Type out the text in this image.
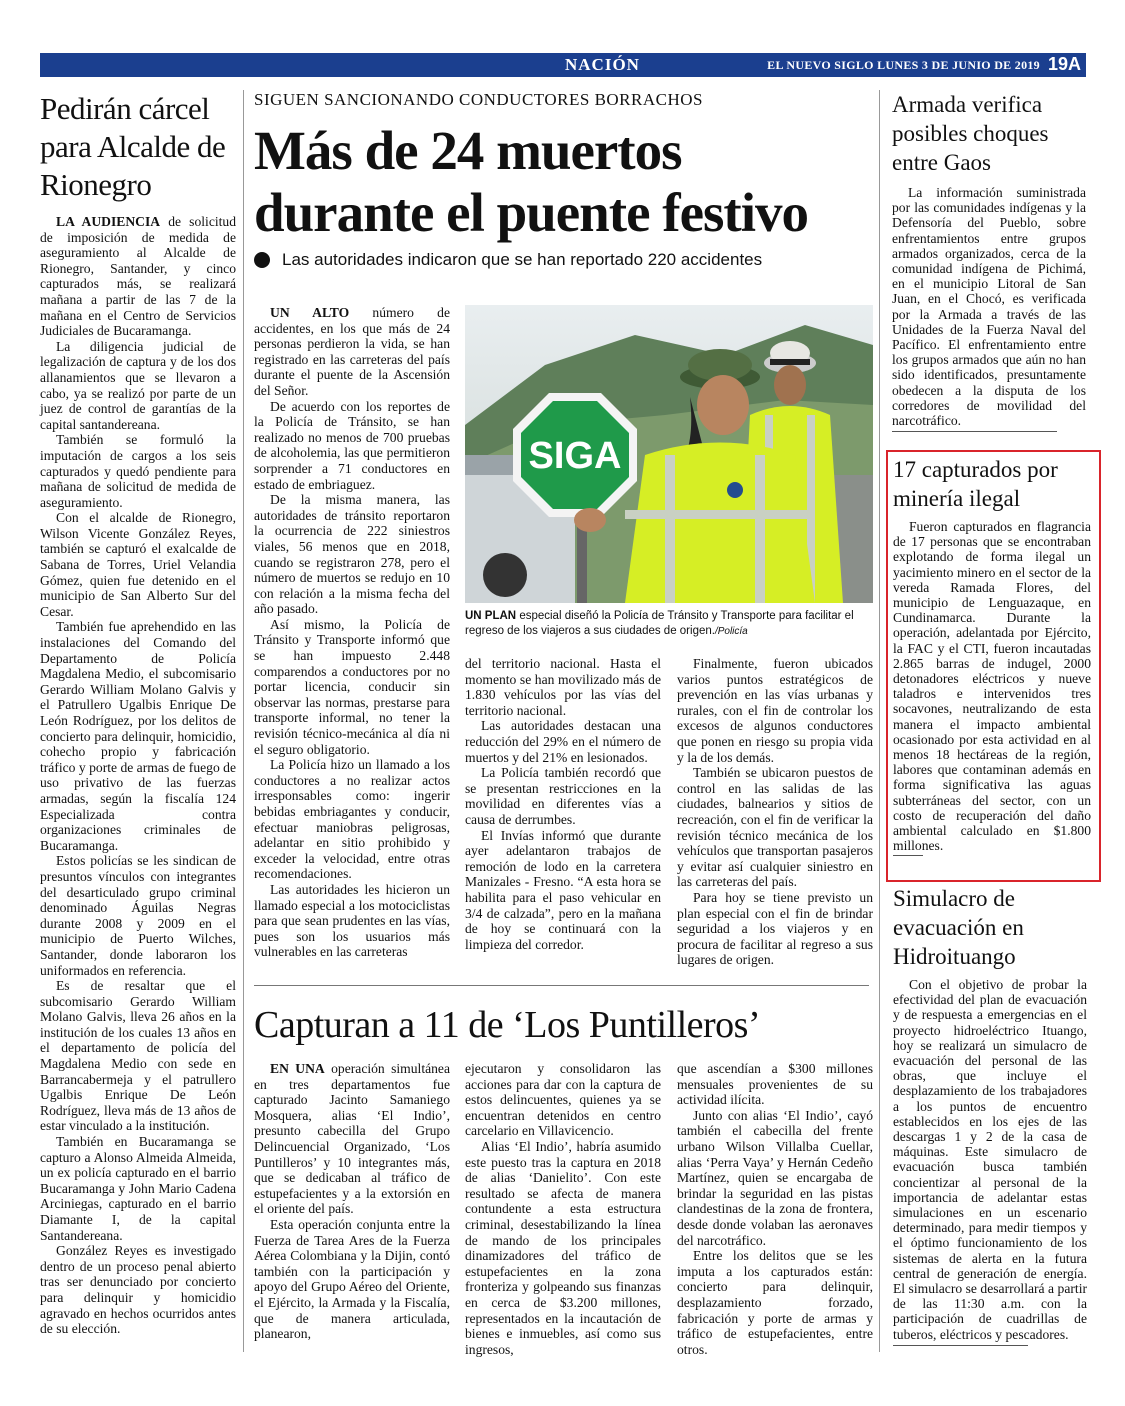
NACIÓN	EL NUEVO SIGLO LUNES 3 DE JUNIO DE 2019 19A
Pedirán cárcel para Alcalde de Rionegro

LA AUDIENCIA de solicitud de imposición de medida de aseguramiento al Alcalde de Rionegro, Santander, y cinco capturados más, se realizará mañana a partir de las 7 de la mañana en el Centro de Servicios Judiciales de Bucaramanga.

La diligencia judicial de legalización de captura y de los dos allanamientos que se llevaron a cabo, ya se realizó por parte de un juez de control de garantías de la capital santandereana.

También se formuló la imputación de cargos a los seis capturados y quedó pendiente para mañana de solicitud de medida de aseguramiento.

Con el alcalde de Rionegro, Wilson Vicente González Reyes, también se capturó el exalcalde de Sabana de Torres, Uriel Velandia Gómez, quien fue detenido en el municipio de San Alberto Sur del Cesar.

También fue aprehendido en las instalaciones del Comando del Departamento de Policía Magdalena Medio, el subcomisario Gerardo William Molano Galvis y el Patrullero Ugalbis Enrique De León Rodríguez, por los delitos de concierto para delinquir, homicidio, cohecho propio y fabricación tráfico y porte de armas de fuego de uso privativo de las fuerzas armadas, según la fiscalía 124 Especializada contra organizaciones criminales de Bucaramanga.

Estos policías se les sindican de presuntos vínculos con integrantes del desarticulado grupo criminal denominado Águilas Negras durante 2008 y 2009 en el municipio de Puerto Wilches, Santander, donde laboraron los uniformados en referencia.

Es de resaltar que el subcomisario Gerardo William Molano Galvis, lleva 26 años en la institución de los cuales 13 años en el departamento de policía del Magdalena Medio con sede en Barrancabermeja y el patrullero Ugalbis Enrique De León Rodríguez, lleva más de 13 años de estar vinculado a la institución.

También en Bucaramanga se capturo a Alonso Almeida Almeida, un ex policía capturado en el barrio Bucaramanga y John Mario Cadena Arciniegas, capturado en el barrio Diamante I, de la capital Santandereana.

González Reyes es investigado dentro de un proceso penal abierto tras ser denunciado por concierto para delinquir y homicidio agravado en hechos ocurridos antes de su elección.

SIGUEN SANCIONANDO CONDUCTORES BORRACHOS
Más de 24 muertos durante el puente festivo
Las autoridades indicaron que se han reportado 220 accidentes

UN ALTO número de accidentes, en los que más de 24 personas perdieron la vida, se han registrado en las carreteras del país durante el puente de la Ascensión del Señor.

De acuerdo con los reportes de la Policía de Tránsito, se han realizado no menos de 700 pruebas de alcoholemia, las que permitieron sorprender a 71 conductores en estado de embriaguez.

De la misma manera, las autoridades de tránsito reportaron la ocurrencia de 222 siniestros viales, 56 menos que en 2018, cuando se registraron 278, pero el número de muertos se redujo en 10 con relación a la misma fecha del año pasado.

Así mismo, la Policía de Tránsito y Transporte informó que se han impuesto 2.448 comparendos a conductores por no portar licencia, conducir sin observar las normas, prestarse para transporte informal, no tener la revisión técnico-mecánica al día ni el seguro obligatorio.

La Policía hizo un llamado a los conductores a no realizar actos irresponsables como: ingerir bebidas embriagantes y conducir, efectuar maniobras peligrosas, adelantar en sitio prohibido y exceder la velocidad, entre otras recomendaciones.

Las autoridades les hicieron un llamado especial a los motociclistas para que sean prudentes en las vías, pues son los usuarios más vulnerables en las carreteras

SIGA
UN PLAN especial diseñó la Policía de Tránsito y Transporte para facilitar el regreso de los viajeros a sus ciudades de origen./Policía

del territorio nacional. Hasta el momento se han movilizado más de 1.830 vehículos por las vías del territorio nacional.

Las autoridades destacan una reducción del 29% en el número de muertos y del 21% en lesionados.

La Policía también recordó que se presentan restricciones en la movilidad en diferentes vías a causa de derrumbes.

El Invías informó que durante ayer adelantaron trabajos de remoción de lodo en la carretera Manizales - Fresno. “A esta hora se habilita para el paso vehicular en 3/4 de calzada”, pero en la mañana de hoy se continuará con la limpieza del corredor.

Finalmente, fueron ubicados varios puntos estratégicos de prevención en las vías urbanas y rurales, con el fin de controlar los excesos de algunos conductores que ponen en riesgo su propia vida y la de los demás.

También se ubicaron puestos de control en las salidas de las ciudades, balnearios y sitios de recreación, con el fin de verificar la revisión técnico mecánica de los vehículos que transportan pasajeros y evitar así cualquier siniestro en las carreteras del país.

Para hoy se tiene previsto un plan especial con el fin de brindar seguridad a los viajeros y en procura de facilitar al regreso a sus lugares de origen.

Capturan a 11 de ‘Los Puntilleros’

EN UNA operación simultánea en tres departamentos fue capturado Jacinto Samaniego Mosquera, alias ‘El Indio’, presunto cabecilla del Grupo Delincuencial Organizado, ‘Los Puntilleros’ y 10 integrantes más, que se dedicaban al tráfico de estupefacientes y a la extorsión en el oriente del país.

Esta operación conjunta entre la Fuerza de Tarea Ares de la Fuerza Aérea Colombiana y la Dijin, contó también con la participación y apoyo del Grupo Aéreo del Oriente, el Ejército, la Armada y la Fiscalía, que de manera articulada, planearon,

ejecutaron y consolidaron las acciones para dar con la captura de estos delincuentes, quienes ya se encuentran detenidos en centro carcelario en Villavicencio.

Alias ‘El Indio’, habría asumido este puesto tras la captura en 2018 de alias ‘Danielito’. Con este resultado se afecta de manera contundente a esta estructura criminal, desestabilizando la línea de mando de los principales dinamizadores del tráfico de estupefacientes en la zona fronteriza y golpeando sus finanzas en cerca de $3.200 millones, representados en la incautación de bienes e inmuebles, así como sus ingresos,

que ascendían a $300 millones mensuales provenientes de su actividad ilícita.

Junto con alias ‘El Indio’, cayó también el cabecilla del frente urbano Wilson Villalba Cuellar, alias ‘Perra Vaya’ y Hernán Cedeño Martínez, quien se encargaba de brindar la seguridad en las pistas clandestinas de la zona de frontera, desde donde volaban las aeronaves del narcotráfico.

Entre los delitos que se les imputa a los capturados están: concierto para delinquir, desplazamiento forzado, fabricación y porte de armas y tráfico de estupefacientes, entre otros.

Armada verifica posibles choques entre Gaos

La información suministrada por las comunidades indígenas y la Defensoría del Pueblo, sobre enfrentamientos entre grupos armados organizados, cerca de la comunidad indígena de Pichimá, en el municipio Litoral de San Juan, en el Chocó, es verificada por la Armada a través de las Unidades de la Fuerza Naval del Pacífico. El enfrentamiento entre los grupos armados que aún no han sido identificados, presuntamente obedecen a la disputa de los corredores de movilidad del narcotráfico.

17 capturados por minería ilegal

Fueron capturados en flagrancia de 17 personas que se encontraban explotando de forma ilegal un yacimiento minero en el sector de la vereda Ramada Flores, del municipio de Lenguazaque, en Cundinamarca. Durante la operación, adelantada por Ejército, la FAC y el CTI, fueron incautadas 2.865 barras de indugel, 2000 detonadores eléctricos y nueve taladros e intervenidos tres socavones, neutralizando de esta manera el impacto ambiental ocasionado por esta actividad en al menos 18 hectáreas de la región, labores que contaminan además en forma significativa las aguas subterráneas del sector, con un costo de recuperación del daño ambiental calculado en $1.800 millones.

Simulacro de evacuación en Hidroituango

Con el objetivo de probar la efectividad del plan de evacuación y de respuesta a emergencias en el proyecto hidroeléctrico Ituango, hoy se realizará un simulacro de evacuación del personal de las obras, que incluye el desplazamiento de los trabajadores a los puntos de encuentro establecidos en los ejes de las descargas 1 y 2 de la casa de máquinas. Este simulacro de evacuación busca también concientizar al personal de la importancia de adelantar estas simulaciones en un escenario determinado, para medir tiempos y el óptimo funcionamiento de los sistemas de alerta en la futura central de generación de energía. El simulacro se desarrollará a partir de las 11:30 a.m. con la participación de cuadrillas de tuberos, eléctricos y pescadores.
